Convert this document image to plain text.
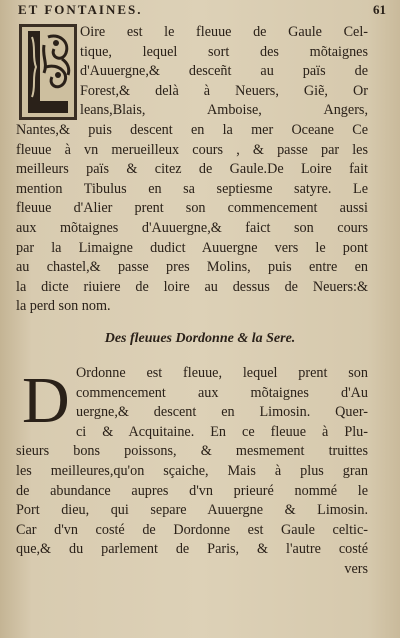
ET FONTAINES.	61
Oire est le fleuue de Gaule Cel-
tique, lequel sort des mõtaignes
d'Auuergne,& desceñt au païs de
Forest,& delà à Neuers, Giẽ, Or
leans,Blais, Amboise, Angers,
Nantes,& puis descent en la mer Oceane Ce
fleuue à vn merueilleux cours , & passe par les
meilleurs païs & citez de Gaule.De Loire fait
mention Tibulus en sa septiesme satyre. Le
fleuue d'Alier prent son commencement aussi
aux mõtaignes d'Auuergne,& faict son cours
par la Limaigne dudict Auuergne vers le pont
au chastel,& passe pres Molins, puis entre en
la dicte riuiere de loire au dessus de Neuers:&
la perd son nom.
Des fleuues Dordonne & la Sere.
D Ordonne est fleuue, lequel prent son
commencement aux mõtaignes d'Au
uergne,& descent en Limosin. Quer-
ci & Acquitaine. En ce fleuue à Plu-
sieurs bons poissons, & mesmement truittes
les meilleures,qu'on sçaiche, Mais à plus gran
de abundance aupres d'vn prieuré nommé le
Port dieu, qui separe Auuergne & Limosin.
Car d'vn costé de Dordonne est Gaule celtic-
que,& du parlement de Paris, & l'autre costé
vers
